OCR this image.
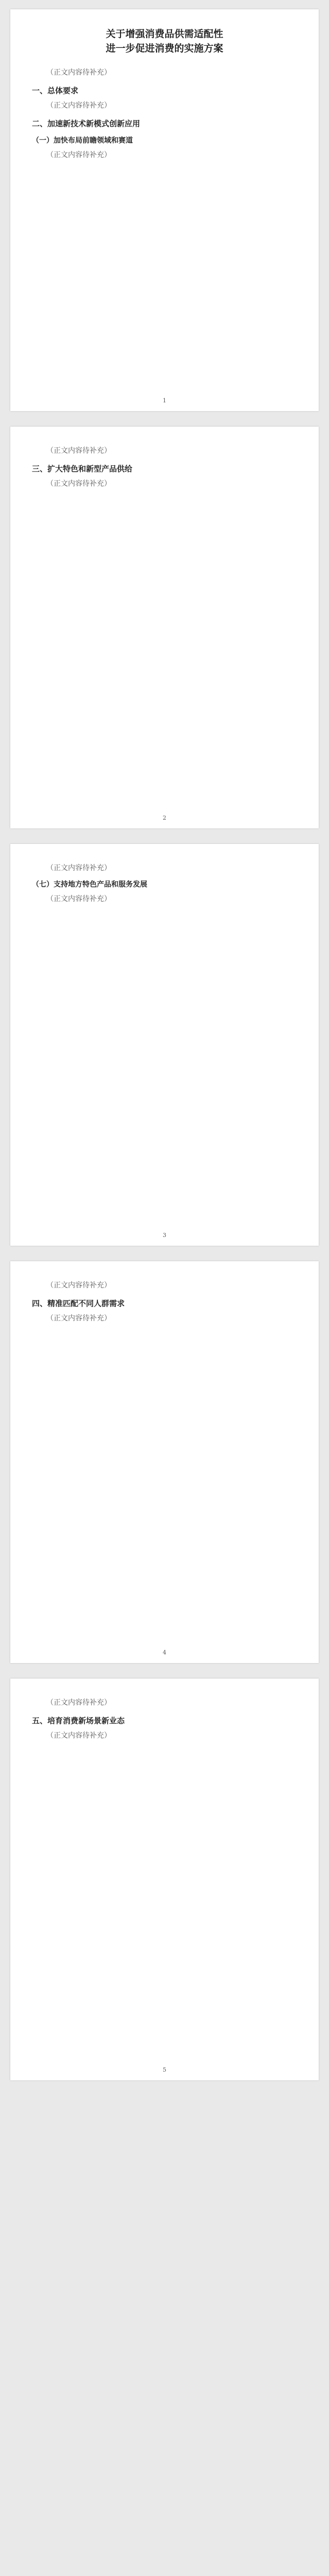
关于增强消费品供需适配性
进一步促进消费的实施方案

（正文内容待补充）

一、总体要求

（正文内容待补充）

二、加速新技术新模式创新应用
（一）加快布局前瞻领域和赛道

（正文内容待补充）

1

（正文内容待补充）

三、扩大特色和新型产品供给

（正文内容待补充）

2

（正文内容待补充）

（七）支持地方特色产品和服务发展

（正文内容待补充）

3

（正文内容待补充）

四、精准匹配不同人群需求

（正文内容待补充）

4

（正文内容待补充）

五、培育消费新场景新业态

（正文内容待补充）

5
